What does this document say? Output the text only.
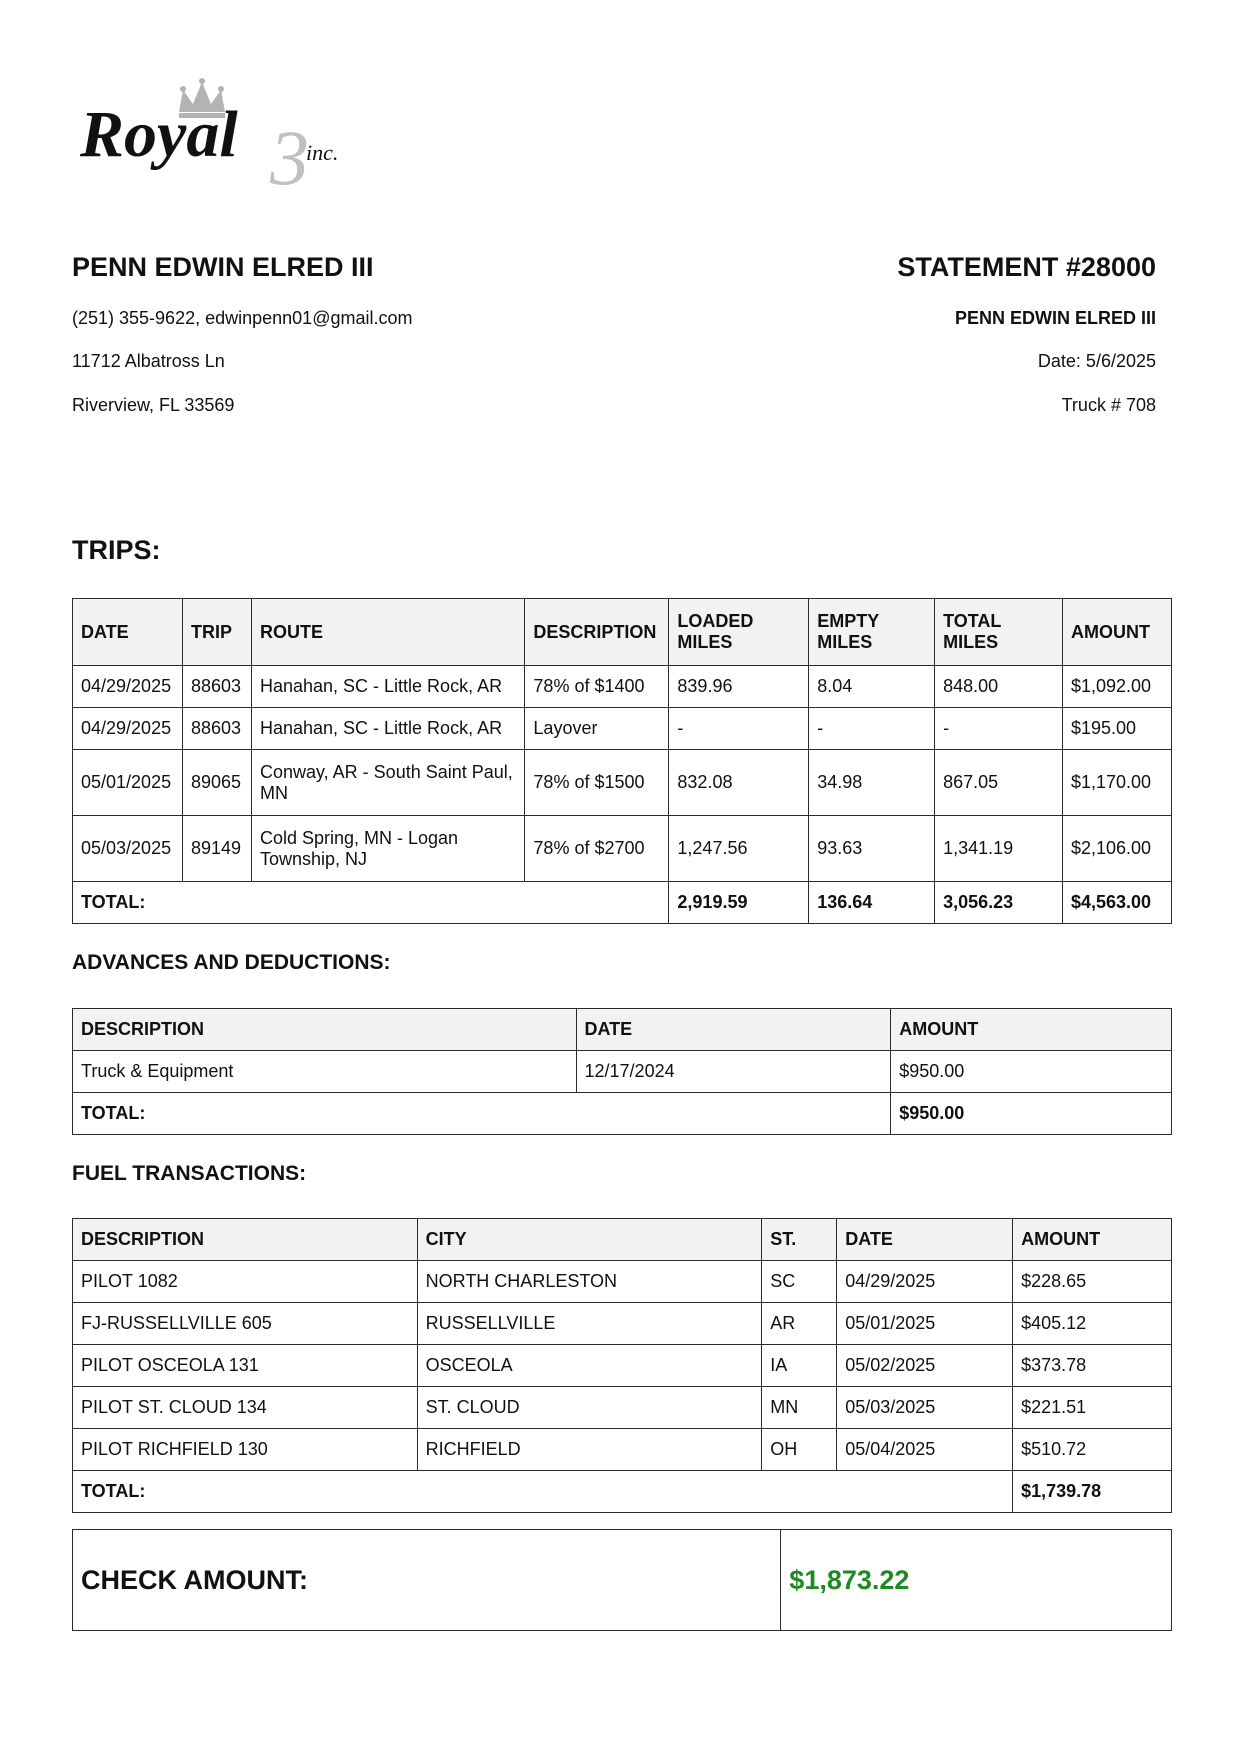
3
Royal	inc.
PENN EDWIN ELRED III
(251) 355-9622, edwinpenn01@gmail.com
11712 Albatross Ln
Riverview, FL 33569
STATEMENT #28000
PENN EDWIN ELRED III
Date: 5/6/2025
Truck # 708
TRIPS:
DATE	TRIP	ROUTE	DESCRIPTION	LOADED MILES	EMPTY MILES	TOTAL MILES	AMOUNT
04/29/2025	88603	Hanahan, SC - Little Rock, AR	78% of $1400	839.96	8.04	848.00	$1,092.00
04/29/2025	88603	Hanahan, SC - Little Rock, AR	Layover	-	-	-	$195.00
05/01/2025	89065	Conway, AR - South Saint Paul, MN	78% of $1500	832.08	34.98	867.05	$1,170.00
05/03/2025	89149	Cold Spring, MN - Logan Township, NJ	78% of $2700	1,247.56	93.63	1,341.19	$2,106.00
TOTAL:				2,919.59	136.64	3,056.23	$4,563.00
ADVANCES AND DEDUCTIONS:
DESCRIPTION	DATE	AMOUNT
Truck & Equipment	12/17/2024	$950.00
TOTAL:		$950.00
FUEL TRANSACTIONS:
DESCRIPTION	CITY	ST.	DATE	AMOUNT
PILOT 1082	NORTH CHARLESTON	SC	04/29/2025	$228.65
FJ-RUSSELLVILLE 605	RUSSELLVILLE	AR	05/01/2025	$405.12
PILOT OSCEOLA 131	OSCEOLA	IA	05/02/2025	$373.78
PILOT ST. CLOUD 134	ST. CLOUD	MN	05/03/2025	$221.51
PILOT RICHFIELD 130	RICHFIELD	OH	05/04/2025	$510.72
TOTAL:				$1,739.78
CHECK AMOUNT:	$1,873.22
